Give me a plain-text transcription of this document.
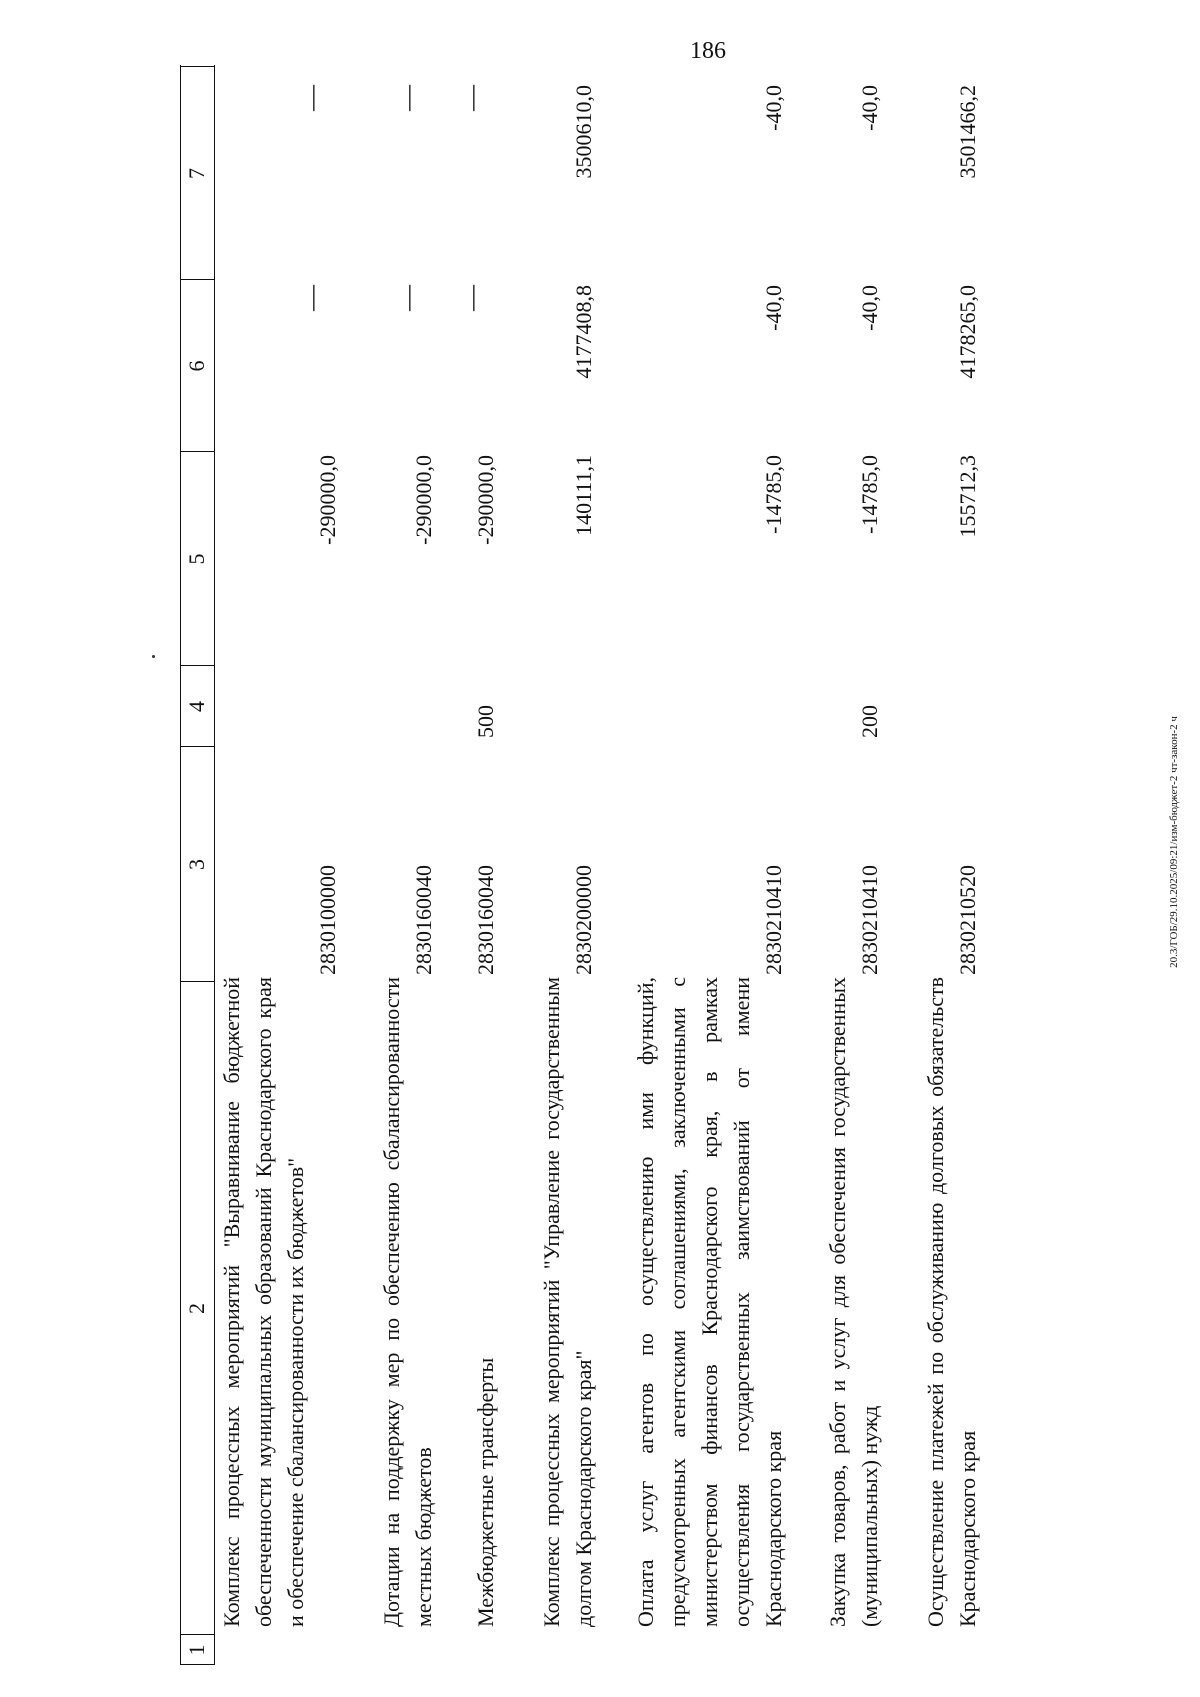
186
20.3/ГОБ/29.10.2025/09:21/изм-бюджет-2 чт-закон-2 ч
1
2
3
4
5
6
7
Комплекс процессных мероприятий "Выравнивание бюджетной обеспеченности муниципальных образований Краснодарского края и обеспечение сбалансированности их бюджетов"
2830100000
-290000,0
—
—
Дотации на поддержку мер по обеспечению сбалансированности местных бюджетов
2830160040
-290000,0
—
—
Межбюджетные трансферты
2830160040
500
-290000,0
—
—
Комплекс процессных мероприятий "Управление государственным долгом Краснодарского края"
2830200000
140111,1
4177408,8
3500610,0
Оплата услуг агентов по осуществлению ими функций, предусмотренных агентскими соглашениями, заключенными с министерством финансов Краснодарского края, в рамках осуществления государственных заимствований от имени Краснодарского края
2830210410
-14785,0
-40,0
-40,0
Закупка товаров, работ и услуг для обеспечения государственных (муниципальных) нужд
2830210410
200
-14785,0
-40,0
-40,0
Осуществление платежей по обслуживанию долговых обязательств Краснодарского края
2830210520
155712,3
4178265,0
3501466,2
